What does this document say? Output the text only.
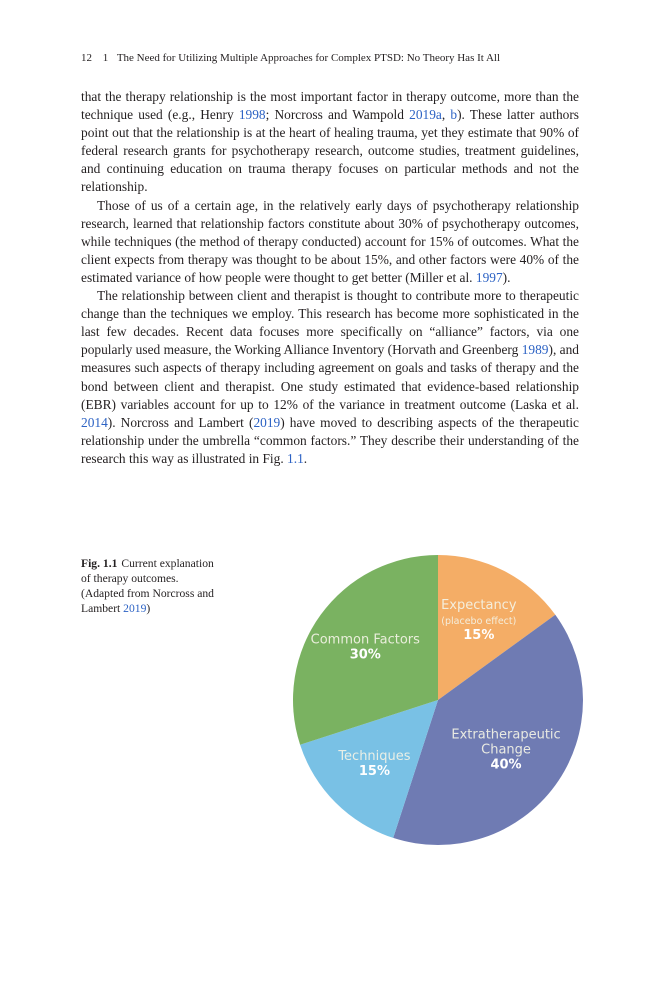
12 1 The Need for Utilizing Multiple Approaches for Complex PTSD: No Theory Has It All

that the therapy relationship is the most important factor in therapy outcome, more than the technique used (e.g., Henry 1998; Norcross and Wampold 2019a, b). These latter authors point out that the relationship is at the heart of healing trauma, yet they estimate that 90% of federal research grants for psychotherapy research, outcome studies, treatment guidelines, and continuing education on trauma therapy focuses on particular methods and not the relationship.

Those of us of a certain age, in the relatively early days of psychotherapy relationship research, learned that relationship factors constitute about 30% of psychotherapy outcomes, while techniques (the method of therapy conducted) account for 15% of outcomes. What the client expects from therapy was thought to be about 15%, and other factors were 40% of the estimated variance of how people were thought to get better (Miller et al. 1997).

The relationship between client and therapist is thought to contribute more to therapeutic change than the techniques we employ. This research has become more sophisticated in the last few decades. Recent data focuses more specifically on “alliance” factors, via one popularly used measure, the Working Alliance Inventory (Horvath and Greenberg 1989), and measures such aspects of therapy including agreement on goals and tasks of therapy and the bond between client and therapist. One study estimated that evidence-based relationship (EBR) variables account for up to 12% of the variance in treatment outcome (Laska et al. 2014). Norcross and Lambert (2019) have moved to describing aspects of the therapeutic relationship under the umbrella “common factors.” They describe their understanding of the research this way as illustrated in Fig. 1.1.

Fig. 1.1 Current explanation of therapy outcomes. (Adapted from Norcross and Lambert 2019)	Expectancy
(placebo effect)
15%
Extratherapeutic
Change
40%
Techniques
15%
Common Factors
30%
